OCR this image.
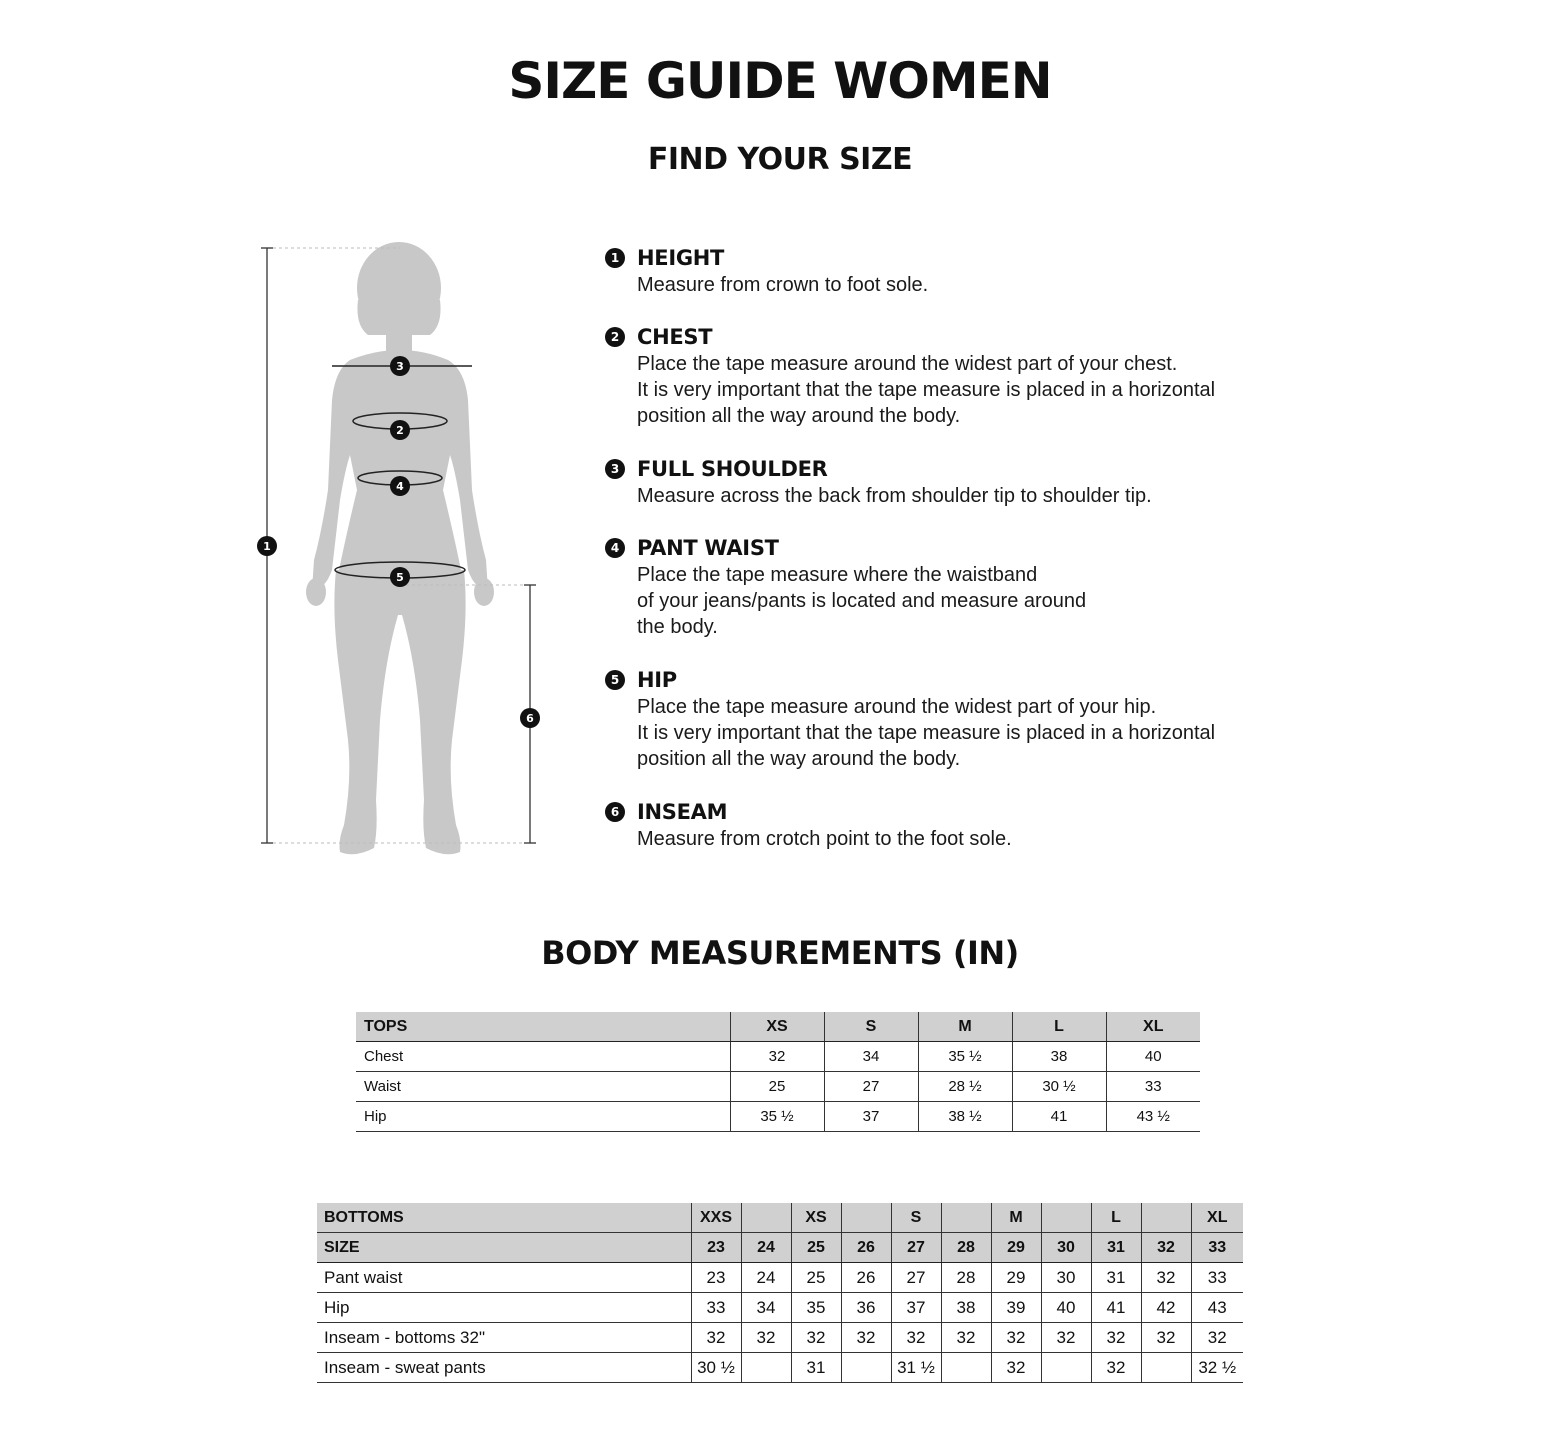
SIZE GUIDE WOMEN
FIND YOUR SIZE
1
3
2
4
5
6
1 HEIGHT
Measure from crown to foot sole.
2 CHEST
Place the tape measure around the widest part of your chest.
It is very important that the tape measure is placed in a horizontal
position all the way around the body.
3 FULL SHOULDER
Measure across the back from shoulder tip to shoulder tip.
4 PANT WAIST
Place the tape measure where the waistband
of your jeans/pants is located and measure around
the body.
5 HIP
Place the tape measure around the widest part of your hip.
It is very important that the tape measure is placed in a horizontal
position all the way around the body.
6 INSEAM
Measure from crotch point to the foot sole.
BODY MEASUREMENTS (IN)
TOPS	XS	S	M	L	XL
Chest	32	34	35 ½	38	40
Waist	25	27	28 ½	30 ½	33
Hip	35 ½	37	38 ½	41	43 ½
BOTTOMS	XXS		XS		S		M		L		XL
SIZE	23	24	25	26	27	28	29	30	31	32	33
Pant waist	23	24	25	26	27	28	29	30	31	32	33
Hip	33	34	35	36	37	38	39	40	41	42	43
Inseam - bottoms 32"	32	32	32	32	32	32	32	32	32	32	32
Inseam - sweat pants	30 ½		31		31 ½		32		32		32 ½
